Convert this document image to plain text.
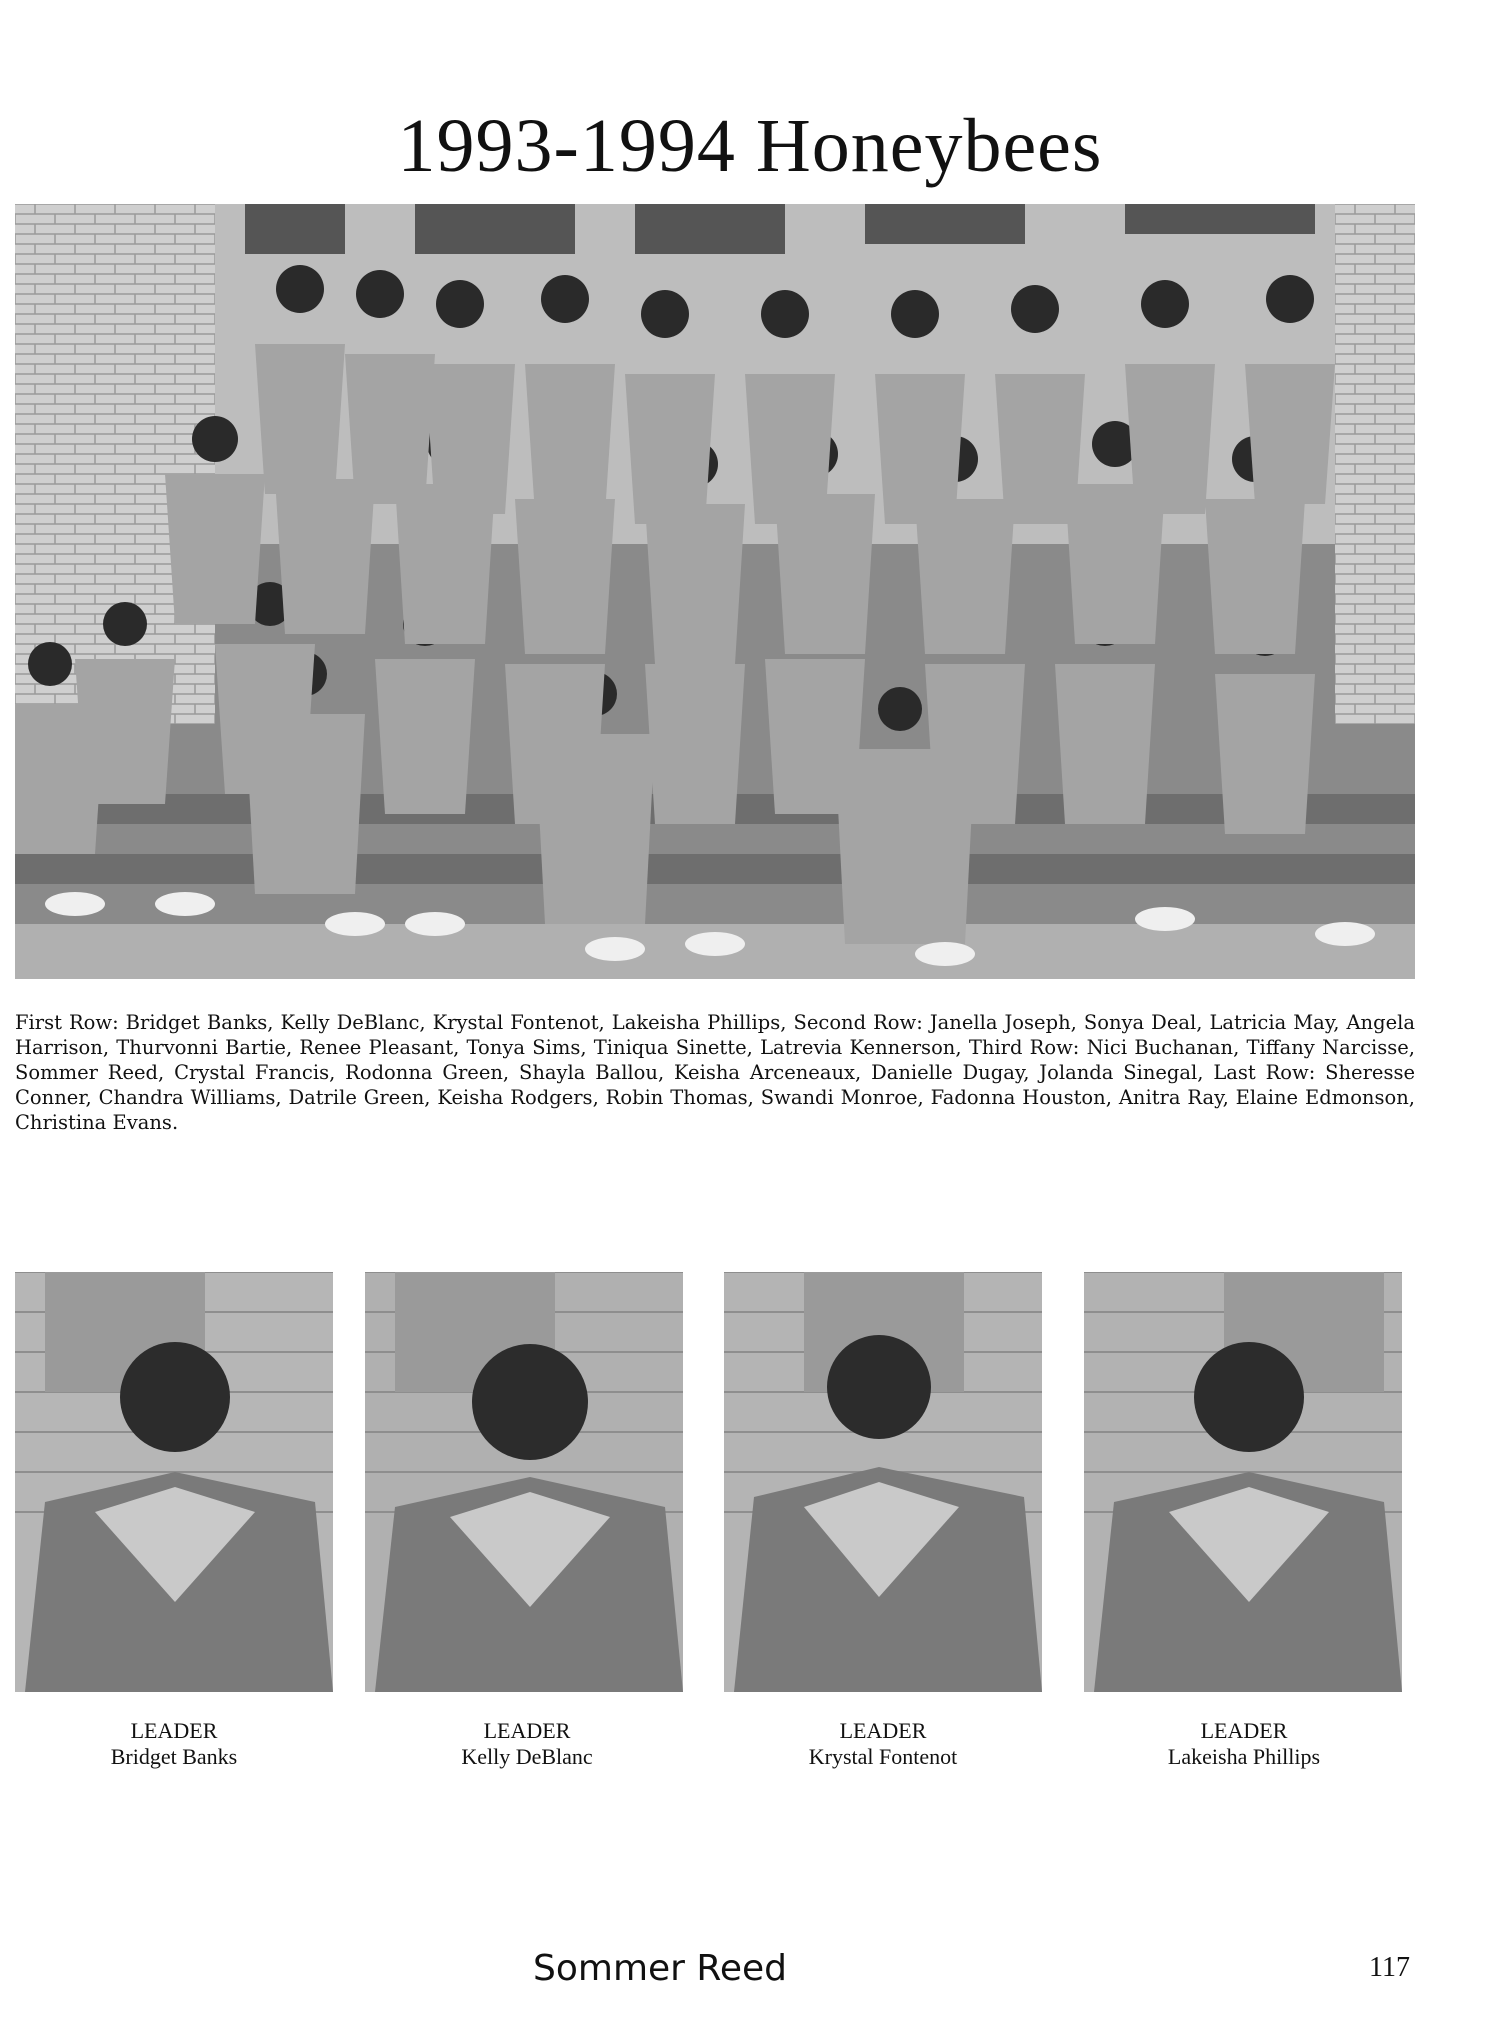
1993-1994 Honeybees

First Row: Bridget Banks, Kelly DeBlanc, Krystal Fontenot, Lakeisha Phillips, Second Row: Janella Joseph, Sonya Deal, Latricia May, Angela Harrison, Thurvonni Bartie, Renee Pleasant, Tonya Sims, Tiniqua Sinette, Latrevia Kennerson, Third Row: Nici Buchanan, Tiffany Narcisse, Sommer Reed, Crystal Francis, Rodonna Green, Shayla Ballou, Keisha Arceneaux, Danielle Dugay, Jolanda Sinegal, Last Row: Sheresse Conner, Chandra Williams, Datrile Green, Keisha Rodgers, Robin Thomas, Swandi Monroe, Fadonna Houston, Anitra Ray, Elaine Edmonson, Christina Evans.

LEADER
Bridget Banks
LEADER
Kelly DeBlanc
LEADER
Krystal Fontenot
LEADER
Lakeisha Phillips
Sommer Reed	117
